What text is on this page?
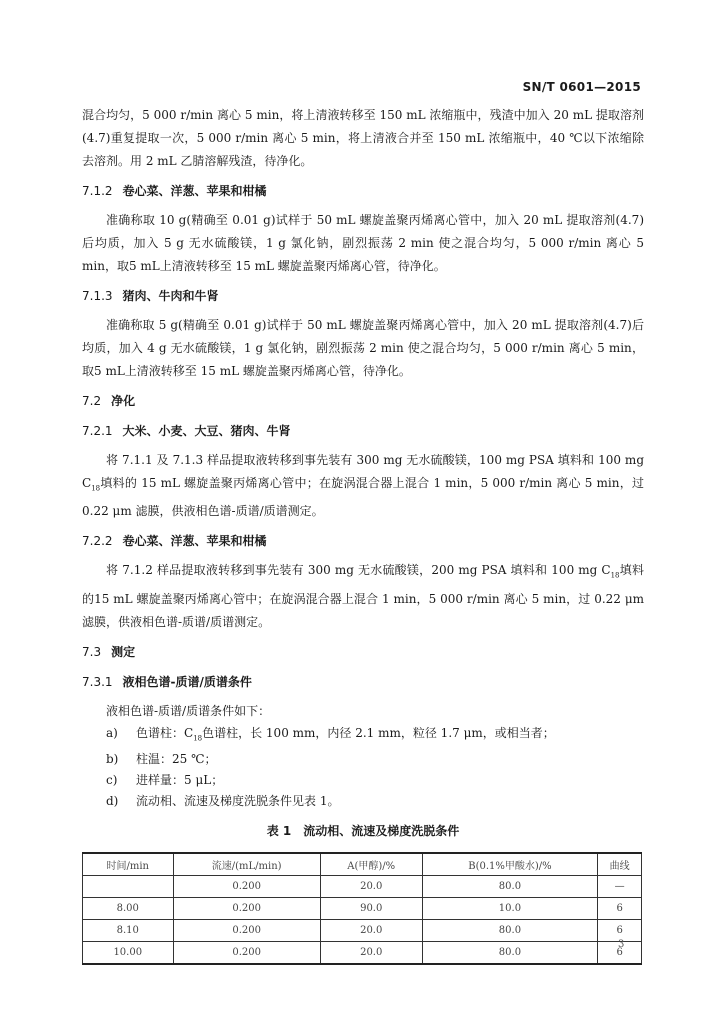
SN/T 0601—2015

混合均匀，5 000 r/min 离心 5 min，将上清液转移至 150 mL 浓缩瓶中，残渣中加入 20 mL 提取溶剂(4.7)重复提取一次，5 000 r/min 离心 5 min，将上清液合并至 150 mL 浓缩瓶中，40 ℃以下浓缩除去溶剂。用 2 mL 乙腈溶解残渣，待净化。

7.1.2 卷心菜、洋葱、苹果和柑橘

准确称取 10 g(精确至 0.01 g)试样于 50 mL 螺旋盖聚丙烯离心管中，加入 20 mL 提取溶剂(4.7)后均质，加入 5 g 无水硫酸镁，1 g 氯化钠，剧烈振荡 2 min 使之混合均匀，5 000 r/min 离心 5 min，取5 mL上清液转移至 15 mL 螺旋盖聚丙烯离心管，待净化。

7.1.3 猪肉、牛肉和牛肾

准确称取 5 g(精确至 0.01 g)试样于 50 mL 螺旋盖聚丙烯离心管中，加入 20 mL 提取溶剂(4.7)后均质，加入 4 g 无水硫酸镁，1 g 氯化钠，剧烈振荡 2 min 使之混合均匀，5 000 r/min 离心 5 min，取5 mL上清液转移至 15 mL 螺旋盖聚丙烯离心管，待净化。

7.2 净化
7.2.1 大米、小麦、大豆、猪肉、牛肾

将 7.1.1 及 7.1.3 样品提取液转移到事先装有 300 mg 无水硫酸镁，100 mg PSA 填料和 100 mg $C_{18}$填料的 15 mL 螺旋盖聚丙烯离心管中；在旋涡混合器上混合 1 min，5 000 r/min 离心 5 min，过0.22 μm 滤膜，供液相色谱-质谱/质谱测定。

7.2.2 卷心菜、洋葱、苹果和柑橘

将 7.1.2 样品提取液转移到事先装有 300 mg 无水硫酸镁，200 mg PSA 填料和 100 mg $C_{18}$填料的15 mL 螺旋盖聚丙烯离心管中；在旋涡混合器上混合 1 min，5 000 r/min 离心 5 min，过 0.22 μm 滤膜，供液相色谱-质谱/质谱测定。

7.3 测定
7.3.1 液相色谱-质谱/质谱条件

液相色谱-质谱/质谱条件如下：

a) 色谱柱：$C_{18}$色谱柱，长 100 mm，内径 2.1 mm，粒径 1.7 μm，或相当者；
b) 柱温：25 ℃；
c) 进样量：5 μL；
d) 流动相、流速及梯度洗脱条件见表 1。
表 1　流动相、流速及梯度洗脱条件
时间/min	流速/(mL/min)	A(甲醇)/%	B(0.1%甲酸水)/%	曲线
	0.200	20.0	80.0	—
8.00	0.200	90.0	10.0	6
8.10	0.200	20.0	80.0	6
10.00	0.200	20.0	80.0	6
3
